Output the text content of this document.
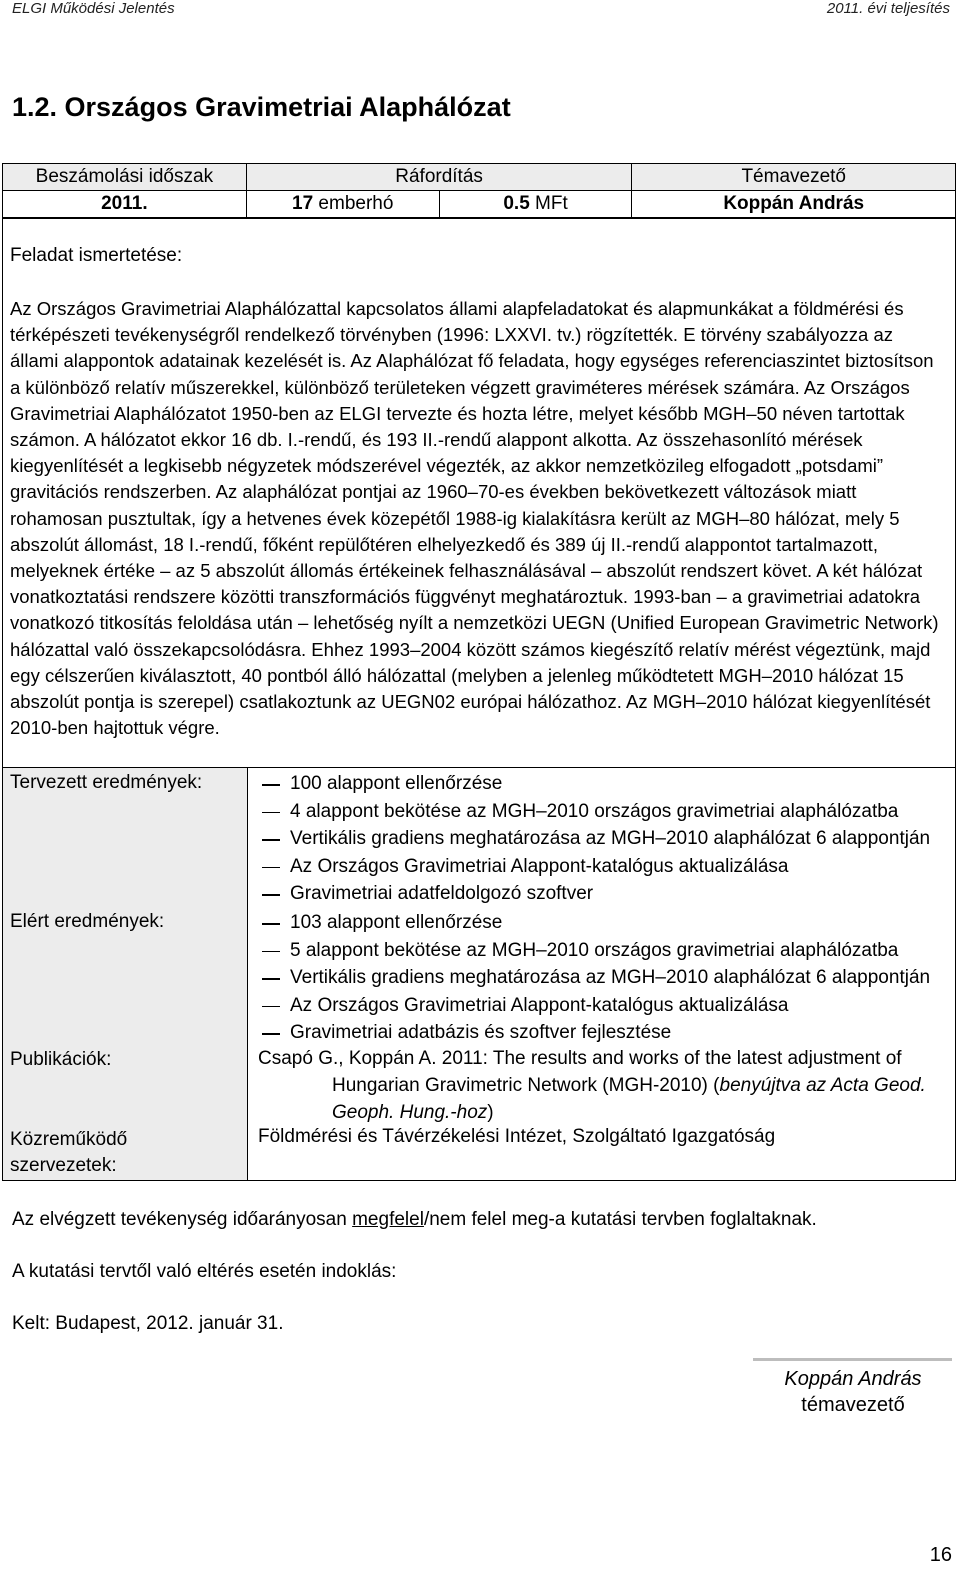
ELGI Működési Jelentés	2011. évi teljesítés
1.2. Országos Gravimetriai Alaphálózat
Beszámolási időszak	Ráfordítás	Témavezető
2011.	17 emberhó 0.5 MFt	Koppán András
Feladat ismertetése:

Az Országos Gravimetriai Alaphálózattal kapcsolatos állami alapfeladatokat és alapmunkákat a földmérési és térképészeti tevékenységről rendelkező törvényben (1996: LXXVI. tv.) rögzítették. E törvény szabályozza az állami alappontok adatainak kezelését is. Az Alaphálózat fő feladata, hogy egységes referenciaszintet biztosítson a különböző relatív műszerekkel, különböző területeken végzett graviméteres mérések számára. Az Országos Gravimetriai Alaphálózatot 1950-ben az ELGI tervezte és hozta létre, melyet később MGH–50 néven tartottak számon. A hálózatot ekkor 16 db. I.-rendű, és 193 II.-rendű alappont alkotta. Az összehasonlító mérések kiegyenlítését a legkisebb négyzetek módszerével végezték, az akkor nemzetközileg elfogadott „potsdami” gravitációs rendszerben. Az alaphálózat pontjai az 1960–70-es években bekövetkezett változások miatt rohamosan pusztultak, így a hetvenes évek közepétől 1988-ig kialakításra került az MGH–80 hálózat, mely 5 abszolút állomást, 18 I.-rendű, főként repülőtéren elhelyezkedő és 389 új II.-rendű alappontot tartalmazott, melyeknek értéke – az 5 abszolút állomás értékeinek felhasználásával – abszolút rendszert követ. A két hálózat vonatkoztatási rendszere közötti transzformációs függvényt meghatároztuk. 1993-ban – a gravimetriai adatokra vonatkozó titkosítás feloldása után – lehetőség nyílt a nemzetközi UEGN (Unified European Gravimetric Network) hálózattal való összekapcsolódásra. Ehhez 1993–2004 között számos kiegészítő relatív mérést végeztünk, majd egy célszerűen kiválasztott, 40 pontból álló hálózattal (melyben a jelenleg működtetett MGH–2010 hálózat 15 abszolút pontja is szerepel) csatlakoztunk az UEGN02 európai hálózathoz. Az MGH–2010 hálózat kiegyenlítését 2010-ben hajtottuk végre.

Tervezett eredmények:	100 alappont ellenőrzése
4 alappont bekötése az MGH–2010 országos gravimetriai alaphálózatba
Vertikális gradiens meghatározása az MGH–2010 alaphálózat 6 alappontján
Az Országos Gravimetriai Alappont-katalógus aktualizálása
Gravimetriai adatfeldolgozó szoftver
Elért eredmények:	103 alappont ellenőrzése
5 alappont bekötése az MGH–2010 országos gravimetriai alaphálózatba
Vertikális gradiens meghatározása az MGH–2010 alaphálózat 6 alappontján
Az Országos Gravimetriai Alappont-katalógus aktualizálása
Gravimetriai adatbázis és szoftver fejlesztése
Publikációk:	Csapó G., Koppán A. 2011: The results and works of the latest adjustment of
Hungarian Gravimetric Network (MGH-2010) (benyújtva az Acta Geod. Geoph. Hung.-hoz)
Közreműködő
szervezetek:
Földmérési és Távérzékelési Intézet, Szolgáltató Igazgatóság
Az elvégzett tevékenység időarányosan megfelel/nem felel meg-a kutatási tervben foglaltaknak.
A kutatási tervtől való eltérés esetén indoklás:
Kelt: Budapest, 2012. január 31.
Koppán András
témavezető
16
